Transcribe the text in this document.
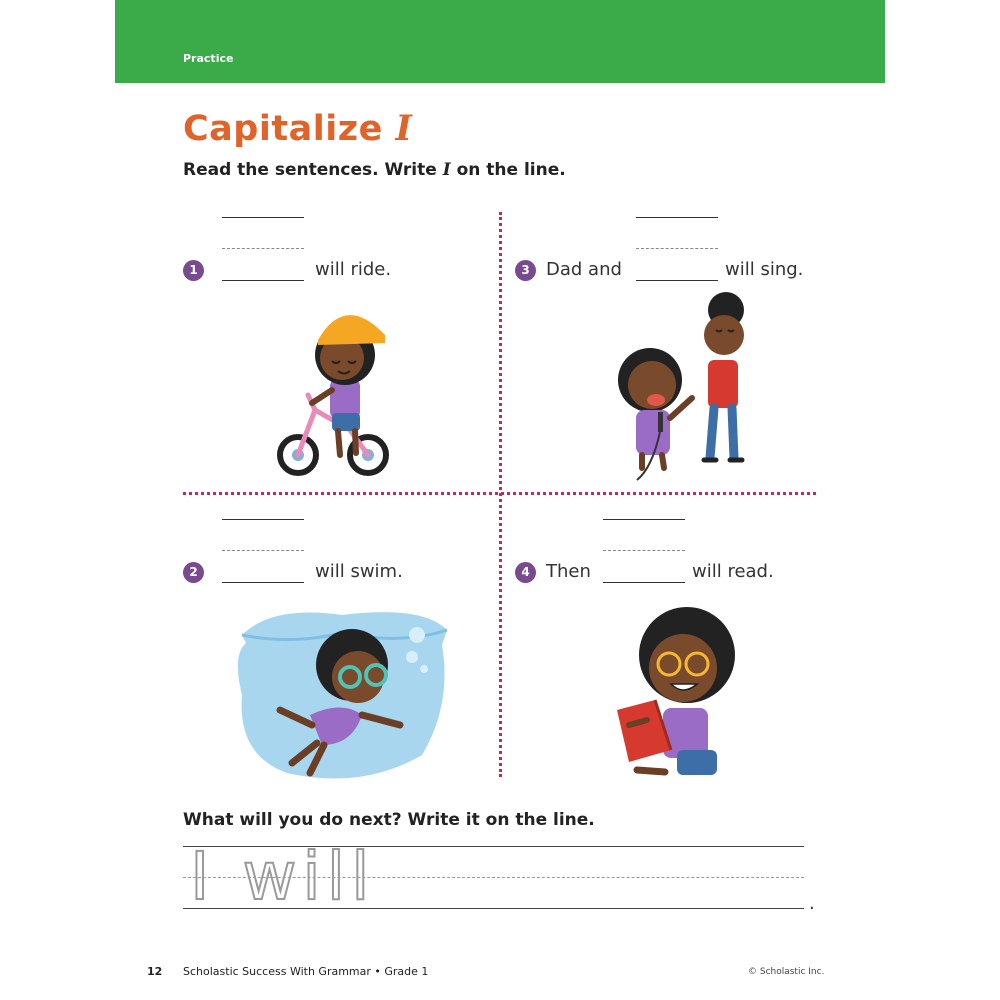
Practice
Capitalize I
Read the sentences. Write I on the line.
1	will ride.	3 Dad and	will sing.
2	will swim.	4 Then	will read.
What will you do next? Write it on the line.
I will	.
12 Scholastic Success With Grammar • Grade 1	© Scholastic Inc.
